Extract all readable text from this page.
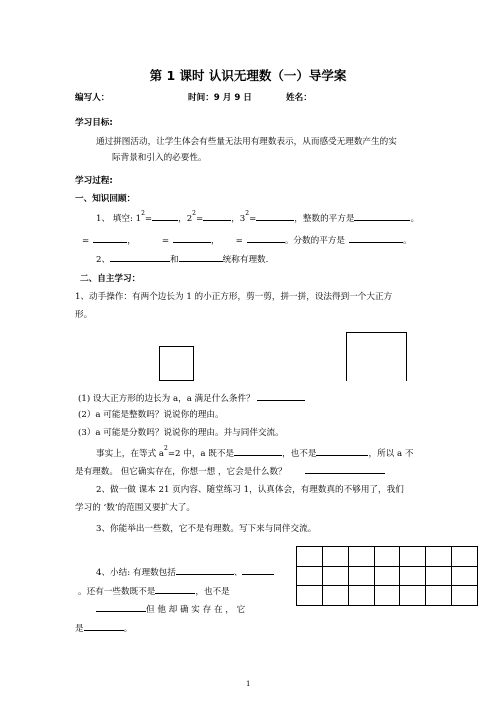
第 1 课时 认识无理数（一）导学案
编写人：	时间：9 月 9 日	姓名：
学习目标:
通过拼图活动，让学生体会有些量无法用有理数表示，从而感受无理数产生的实
际背景和引入的必要性。
学习过程:
一、知识回顾：
1、 填空: $1^2=$	，$2^2=$	，$3^2=$	，整数的平方是	。
=	，	=	， =	。分数的平方是	。
2、	和	统称有理数.
二、自主学习：
1、动手操作：有两个边长为 1 的小正方形，剪一剪，拼一拼，设法得到一个大正方
形。
(1) 设大正方形的边长为 a，a 满足什么条件？
(2）a 可能是整数吗？说说你的理由。
(3）a 可能是分数吗？说说你的理由。并与同伴交流。
事实上，在等式 $a^2=2$ 中，a 既不是	，也不是	，所以 a 不
是有理数。 但它确实存在，你想一想 ，它会是什么数？
2、做一做 课本 21 页内容、随堂练习 1，认真体会，有理数真的不够用了，我们
学习的 ‘数’的范围又要扩大了。
3、你能举出一些数，它不是有理数。写下来与同伴交流。
4、小结: 有理数包括	、
。还有一些数既不是	，也不是
但 他 却 确 实 存 在 ， 它
是	。
1
